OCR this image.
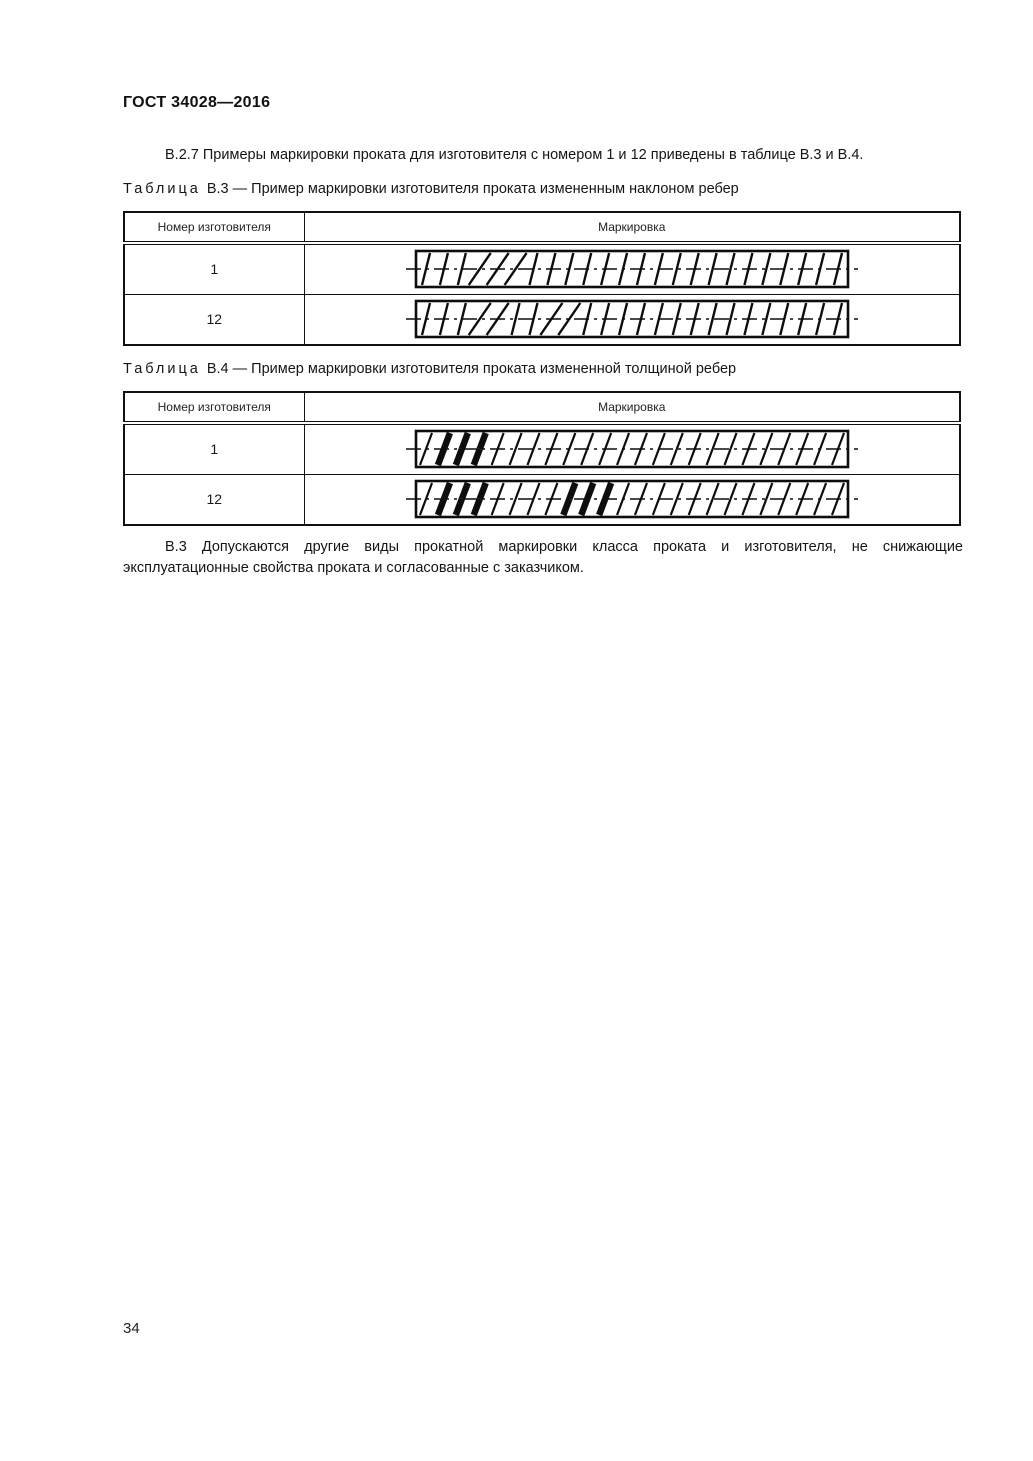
ГОСТ 34028—2016

В.2.7 Примеры маркировки проката для изготовителя с номером 1 и 12 приведены в таблице В.3 и В.4.

Таблица В.3 — Пример маркировки изготовителя проката измененным наклоном ребер

Номер изготовителя	Маркировка
1	

12	

Таблица В.4 — Пример маркировки изготовителя проката измененной толщиной ребер

Номер изготовителя	Маркировка
1	

12	

В.3 Допускаются другие виды прокатной маркировки класса проката и изготовителя, не снижающие эксплуатационные свойства проката и согласованные с заказчиком.

34
